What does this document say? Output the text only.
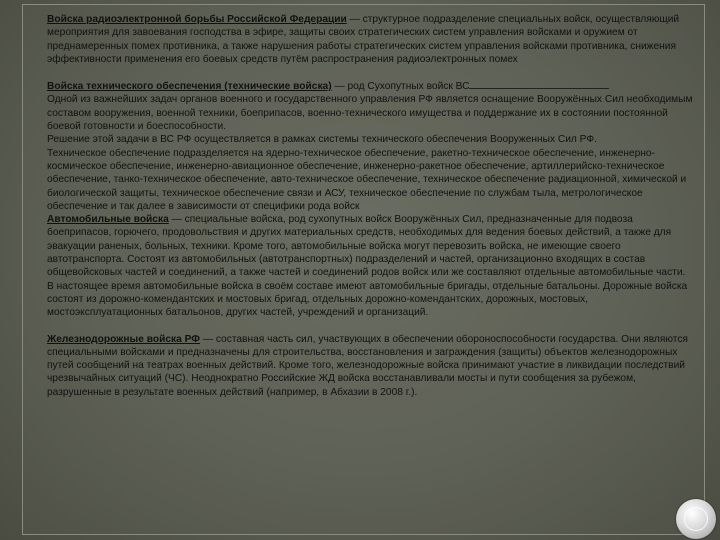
Войска радиоэлектронной борьбы Российской Федерации — структурное подразделение специальных войск, осуществляющий мероприятия для завоевания господства в эфире, защиты своих стратегических систем управления войсками и оружием от преднамеренных помех противника, а также нарушения работы стратегических систем управления войсками противника, снижения эффективности применения его боевых средств путём распространения радиоэлектронных помех

Войска технического обеспечения (технические войска) — род Сухопутных войск ВС

Одной из важнейших задач органов военного и государственного управления РФ является оснащение Вооружённых Сил необходимым составом вооружения, военной техники, боеприпасов, военно-технического имущества и поддержание их в состоянии постоянной боевой готовности и боеспособности.

Решение этой задачи в ВС РФ осуществляется в рамках системы технического обеспечения Вооруженных Сил РФ.

Техническое обеспечение подразделяется на ядерно-техническое обеспечение, ракетно-техническое обеспечение, инженерно-космическое обеспечение, инженерно-авиационное обеспечение, инженерно-ракетное обеспечение, артиллерийско-техническое обеспечение, танко-техническое обеспечение, авто-техническое обеспечение, техническое обеспечение радиационной, химической и биологической защиты, техническое обеспечение связи и АСУ, техническое обеспечение по службам тыла, метрологическое обеспечение и так далее в зависимости от специфики рода войск

Автомобильные войска — специальные войска, род сухопутных войск Вооружённых Сил, предназначенные для подвоза боеприпасов, горючего, продовольствия и других материальных средств, необходимых для ведения боевых действий, а также для эвакуации раненых, больных, техники. Кроме того, автомобильные войска могут перевозить войска, не имеющие своего автотранспорта. Состоят из автомобильных (автотранспортных) подразделений и частей, организационно входящих в состав общевойсковых частей и соединений, а также частей и соединений родов войск или же составляют отдельные автомобильные части. В настоящее время автомобильные войска в своём составе имеют автомобильные бригады, отдельные батальоны. Дорожные войска состоят из дорожно-комендантских и мостовых бригад, отдельных дорожно-комендантских, дорожных, мостовых, мостоэксплуатационных батальонов, других частей, учреждений и организаций.

Железнодорожные войска РФ — составная часть сил, участвующих в обеспечении обороноспособности государства. Они являются специальными войсками и предназначены для строительства, восстановления и заграждения (защиты) объектов железнодорожных путей сообщений на театрах военных действий. Кроме того, железнодорожные войска принимают участие в ликвидации последствий чрезвычайных ситуаций (ЧС). Неоднократно Российские ЖД войска восстанавливали мосты и пути сообщения за рубежом, разрушенные в результате военных действий (например, в Абхазии в 2008 г.).
